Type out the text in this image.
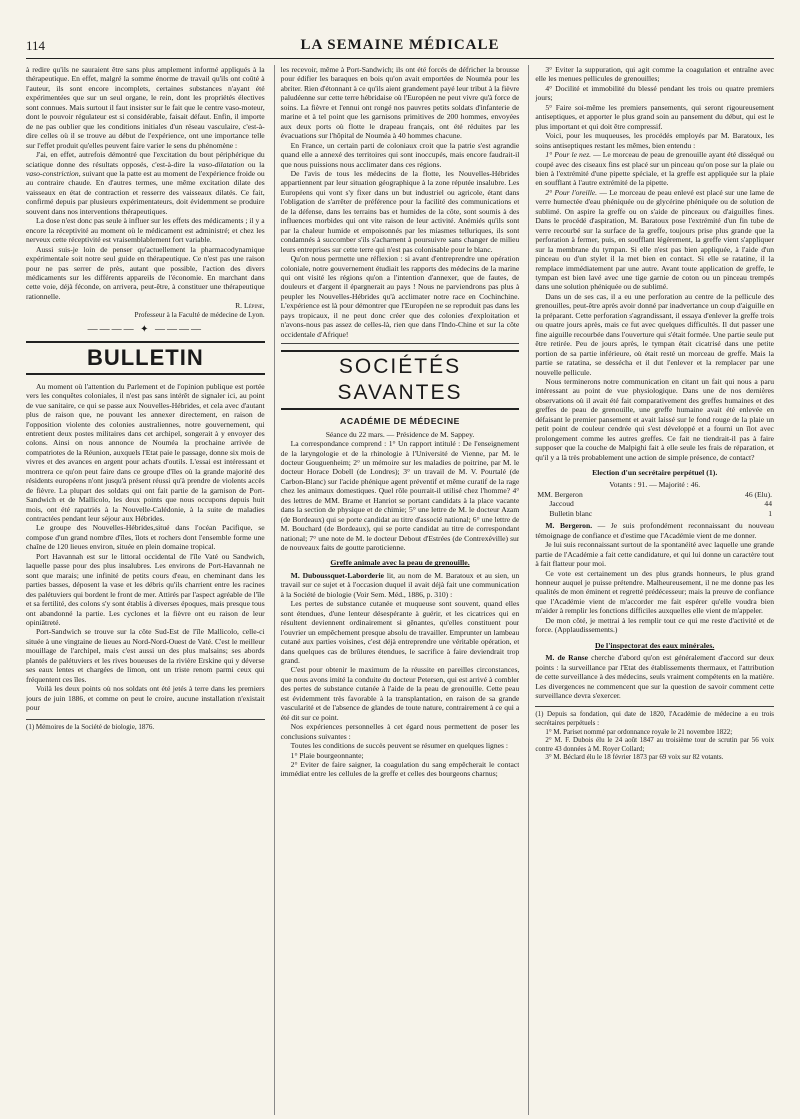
114	LA SEMAINE MÉDICALE

à redire qu'ils ne sauraient être sans plus amplement informé appliqués à la thérapeutique. En effet, malgré la somme énorme de travail qu'ils ont coûté à l'auteur, ils sont encore incomplets, certaines substances n'ayant été expérimentées que sur un seul organe, le rein, dont les propriétés électives sont connues. Mais surtout il faut insister sur le fait que le centre vaso-moteur, dont le pouvoir régulateur est si considérable, faisait défaut. Enfin, il importe de ne pas oublier que les conditions initiales d'un réseau vasculaire, c'est-à-dire celles où il se trouve au début de l'expérience, ont une importance telle sur l'effet produit qu'elles peuvent faire varier le sens du phénomène :

J'ai, en effet, autrefois démontré que l'excitation du bout périphérique du sciatique donne des résultats opposés, c'est-à-dire la vaso-dilatation ou la vaso-constriction, suivant que la patte est au moment de l'expérience froide ou au contraire chaude. En d'autres termes, une même excitation dilate des vaisseaux en état de contraction et resserre des vaisseaux dilatés. Ce fait, confirmé depuis par plusieurs expérimentateurs, doit évidemment se produire souvent dans nos interventions thérapeutiques.

La dose n'est donc pas seule à influer sur les effets des médicaments ; il y a encore la réceptivité au moment où le médicament est administré; et chez les nerveux cette réceptivité est vraisemblablement fort variable.

Aussi suis-je loin de penser qu'actuellement la pharmacodynamique expérimentale soit notre seul guide en thérapeutique. Ce n'est pas une raison pour ne pas serrer de près, autant que possible, l'action des divers médicaments sur les différents appareils de l'économie. En marchant dans cette voie, déjà féconde, on arrivera, peut-être, à constituer une thérapeutique rationnelle.

R. Lépine,

Professeur à la Faculté de médecine de Lyon.

———— ✦ ————
BULLETIN

Au moment où l'attention du Parlement et de l'opinion publique est portée vers les conquêtes coloniales, il n'est pas sans intérêt de signaler ici, au point de vue sanitaire, ce qui se passe aux Nouvelles-Hébrides, et cela avec d'autant plus de raison que, ne pouvant les annexer directement, en raison de l'opposition violente des colonies australiennes, notre gouvernement, qui entretient deux postes militaires dans cet archipel, songerait à y envoyer des colons. Ainsi on nous annonce de Nouméa la prochaine arrivée de compatriotes de la Réunion, auxquels l'Etat paie le passage, donne six mois de vivres et des avances en argent pour achats d'outils. L'essai est intéressant et montrera ce qu'on peut faire dans ce groupe d'îles où la grande majorité des résidents européens n'ont jusqu'à présent réussi qu'à prendre de violents accès de fièvre. La plupart des soldats qui ont fait partie de la garnison de Port-Sandwich et de Mallicolo, les deux points que nous occupons depuis huit mois, ont été rapatriés à la Nouvelle-Calédonie, à la suite de maladies contractées pendant leur séjour aux Hébrides.

Le groupe des Nouvelles-Hébrides,situé dans l'océan Pacifique, se compose d'un grand nombre d'îles, îlots et rochers dont l'ensemble forme une chaîne de 120 lieues environ, située en plein domaine tropical.

Port Havannah est sur le littoral occidental de l'île Vaté ou Sandwich, laquelle passe pour des plus insalubres. Les environs de Port-Havannah ne sont que marais; une infinité de petits cours d'eau, en cheminant dans les parties basses, déposent la vase et les débris qu'ils charrient entre les racines des palétuviers qui bordent le front de mer. Attirés par l'aspect agréable de l'île et sa fertilité, des colons s'y sont établis à diverses époques, mais presque tous ont abandonné la partie. Les cyclones et la fièvre ont eu raison de leur opiniâtreté.

Port-Sandwich se trouve sur la côte Sud-Est de l'île Mallicolo, celle-ci située à une vingtaine de lieues au Nord-Nord-Ouest de Vaté. C'est le meilleur mouillage de l'archipel, mais c'est aussi un des plus malsains; ses abords plantés de palétuviers et les rives boueuses de la rivière Erskine qui y déverse ses eaux lentes et chargées de limon, ont un triste renom parmi ceux qui fréquentent ces îles.

Voilà les deux points où nos soldats ont été jetés à terre dans les premiers jours de juin 1886, et comme on peut le croire, aucune installation n'existait pour

(1) Mémoires de la Société de biologie, 1876.

les recevoir, même à Port-Sandwich; ils ont été forcés de défricher la brousse pour édifier les baraques en bois qu'on avait emportées de Nouméa pour les abriter. Rien d'étonnant à ce qu'ils aient grandement payé leur tribut à la fièvre paludéenne sur cette terre hébridaise où l'Européen ne peut vivre qu'à force de soins. La fièvre et l'ennui ont rongé nos pauvres petits soldats d'infanterie de marine et à tel point que les garnisons primitives de 200 hommes, envoyées aux deux ports où flotte le drapeau français, ont été réduites par les évacuations sur l'hôpital de Nouméa à 40 hommes chacune.

En France, un certain parti de coloniaux croit que la patrie s'est agrandie quand elle a annexé des territoires qui sont inoccupés, mais encore faudrait-il que nous puissions nous acclimater dans ces régions.

De l'avis de tous les médecins de la flotte, les Nouvelles-Hébrides appartiennent par leur situation géographique à la zone réputée insalubre. Les Européens qui vont s'y fixer dans un but industriel ou agricole, étant dans l'obligation de s'arrêter de préférence pour la facilité des communications et de la défense, dans les terrains bas et humides de la côte, sont soumis à des influences morbides qui ont vite raison de leur activité. Anémiés qu'ils sont par la chaleur humide et empoisonnés par les miasmes telluriques, ils sont condamnés à succomber s'ils s'acharnent à poursuivre sans changer de milieu leurs entreprises sur cette terre qui n'est pas colonisable pour le blanc.

Qu'on nous permette une réflexion : si avant d'entreprendre une opération coloniale, notre gouvernement étudiait les rapports des médecins de la marine qui ont visité les régions qu'on a l'intention d'annexer, que de fautes, de douleurs et d'argent il épargnerait au pays ! Nous ne parviendrons pas plus à peupler les Nouvelles-Hébrides qu'à acclimater notre race en Cochinchine. L'expérience est là pour démontrer que l'Européen ne se reproduit pas dans les pays tropicaux, il ne peut donc créer que des colonies d'exploitation et n'avons-nous pas assez de celles-là, rien que dans l'Indo-Chine et sur la côte occidentale d'Afrique!

SOCIÉTÉS SAVANTES
ACADÉMIE DE MÉDECINE

Séance du 22 mars. — Présidence de M. Sappey.

La correspondance comprend : 1° Un rapport intitulé : De l'enseignement de la laryngologie et de la rhinologie à l'Université de Vienne, par M. le docteur Gouguenheim; 2° un mémoire sur les maladies de poitrine, par M. le docteur Horace Dobell (de Londres); 3° un travail de M. V. Pourtalé (de Carbon-Blanc) sur l'acide phénique agent préventif et même curatif de la rage chez les animaux domestiques. Quel rôle pourrait-il utilisé chez l'homme? 4° des lettres de MM. Brame et Hanriot se portant candidats à la place vacante dans la section de physique et de chimie; 5° une lettre de M. le docteur Azam (de Bordeaux) qui se porte candidat au titre d'associé national; 6° une lettre de M. Bouchard (de Bordeaux), qui se porte candidat au titre de correspondant national; 7° une note de M. le docteur Debout d'Estrées (de Contrexéville) sur de nouveaux faits de goutte paroticienne.

Greffe animale avec la peau de grenouille.

M. Duboussquet-Laborderie lit, au nom de M. Baratoux et au sien, un travail sur ce sujet et à l'occasion duquel il avait déjà fait une communication à la Société de biologie (Voir Sem. Méd., 1886, p. 310) :

Les pertes de substance cutanée et muqueuse sont souvent, quand elles sont étendues, d'une lenteur désespérante à guérir, et les cicatrices qui en résultent deviennent ordinairement si gênantes, qu'elles constituent pour l'ouvrier un empêchement presque absolu de travailler. Emprunter un lambeau cutané aux parties voisines, c'est déjà entreprendre une véritable opération, et dans quelques cas de brûlures étendues, le sacrifice à faire deviendrait trop grand.

C'est pour obtenir le maximum de la réussite en pareilles circonstances, que nous avons imité la conduite du docteur Petersen, qui est arrivé à combler des pertes de substance cutanée à l'aide de la peau de grenouille. Cette peau est évidemment très favorable à la transplantation, en raison de sa grande vascularité et de l'absence de glandes de toute nature, contrairement à ce qui a été dit sur ce point.

Nos expériences personnelles à cet égard nous permettent de poser les conclusions suivantes :

Toutes les conditions de succès peuvent se résumer en quelques lignes :

1° Plaie bourgeonnante;

2° Eviter de faire saigner, la coagulation du sang empêcherait le contact immédiat entre les cellules de la greffe et celles des bourgeons charnus;

3° Eviter la suppuration, qui agit comme la coagulation et entraîne avec elle les menues pellicules de grenouilles;

4° Docilité et immobilité du blessé pendant les trois ou quatre premiers jours;

5° Faire soi-même les premiers pansements, qui seront rigoureusement antiseptiques, et apporter le plus grand soin au pansement du début, qui est le plus important et qui doit être compressif.

Voici, pour les muqueuses, les procédés employés par M. Baratoux, les soins antiseptiques restant les mêmes, bien entendu :

1° Pour le nez. — Le morceau de peau de grenouille ayant été disséqué ou coupé avec des ciseaux fins est placé sur un pinceau qu'on pose sur la plaie ou bien à l'extrémité d'une pipette spéciale, et la greffe est appliquée sur la plaie en soufflant à l'autre extrémité de la pipette.

2° Pour l'oreille. — Le morceau de peau enlevé est placé sur une lame de verre humectée d'eau phéniquée ou de glycérine phéniquée ou de solution de sublimé. On aspire la greffe ou on s'aide de pinceaux ou d'aiguilles fines. Dans le procédé d'aspiration, M. Baratoux pose l'extrémité d'un fin tube de verre recourbé sur la surface de la greffe, toujours prise plus grande que la perforation à fermer, puis, en soufflant légèrement, la greffe vient s'appliquer sur la membrane du tympan. Si elle n'est pas bien appliquée, à l'aide d'un pinceau ou d'un stylet il la met bien en contact. Si elle se ratatine, il la remplace immédiatement par une autre. Avant toute application de greffe, le tympan est bien lavé avec une tige garnie de coton ou un pinceau trempés dans une solution phéniquée ou de sublimé.

Dans un de ses cas, il a eu une perforation au centre de la pellicule des grenouilles, peut-être après avoir donné par inadvertance un coup d'aiguille en la préparant. Cette perforation s'agrandissant, il essaya d'enlever la greffe trois ou quatre jours après, mais ce fut avec quelques difficultés. Il dut passer une fine aiguille recourbée dans l'ouverture qui s'était formée. Une partie seule put être retirée. Peu de jours après, le tympan était cicatrisé dans une petite portion de sa partie inférieure, où était resté un morceau de greffe. Mais la partie se ratatina, se dessécha et il dut l'enlever et la remplacer par une nouvelle pellicule.

Nous terminerons notre communication en citant un fait qui nous a paru intéressant au point de vue physiologique. Dans une de nos dernières observations où il avait été fait comparativement des greffes humaines et des greffes de peau de grenouille, une greffe humaine avait été enlevée en défaisant le premier pansement et avait laissé sur le fond rouge de la plaie un petit point de couleur cendrée qui s'est développé et a fourni un îlot avec prolongement comme les autres greffes. Ce fait ne tiendrait-il pas à faire supposer que la couche de Malpighi fait à elle seule les frais de réparation, et qu'il y a là très probablement une action de simple présence, de contact?

Election d'un secrétaire perpétuel (1).
Votants : 91. — Majorité : 46.
MM. Bergeron	46 (Elu).
Jaccoud	44
Bulletin blanc	1

M. Bergeron. — Je suis profondément reconnaissant du nouveau témoignage de confiance et d'estime que l'Académie vient de me donner.

Je lui suis reconnaissant surtout de la spontanéité avec laquelle une grande partie de l'Académie a fait cette candidature, et qui lui donne un caractère tout à fait flatteur pour moi.

Ce vote est certainement un des plus grands honneurs, le plus grand honneur auquel je puisse prétendre. Malheureusement, il ne me donne pas les qualités de mon éminent et regretté prédécesseur; mais la preuve de confiance que l'Académie vient de m'accorder me fait espérer qu'elle voudra bien m'aider à remplir les fonctions difficiles auxquelles elle vient de m'appeler.

De mon côté, je mettrai à les remplir tout ce qui me reste d'activité et de force. (Applaudissements.)

De l'inspectorat des eaux minérales.

M. de Ranse cherche d'abord qu'on est généralement d'accord sur deux points : la surveillance par l'Etat des établissements thermaux, et l'attribution de cette surveillance à des médecins, seuls vraiment compétents en la matière. Les divergences ne commencent que sur la question de savoir comment cette surveillance devra s'exercer.

(1) Depuis sa fondation, qui date de 1820, l'Académie de médecine a eu trois secrétaires perpétuels :

1° M. Pariset nommé par ordonnance royale le 21 novembre 1822;

2° M. F. Dubois élu le 24 août 1847 au troisième tour de scrutin par 56 voix contre 43 données à M. Royer Collard;

3° M. Béclard élu le 18 février 1873 par 69 voix sur 82 votants.
